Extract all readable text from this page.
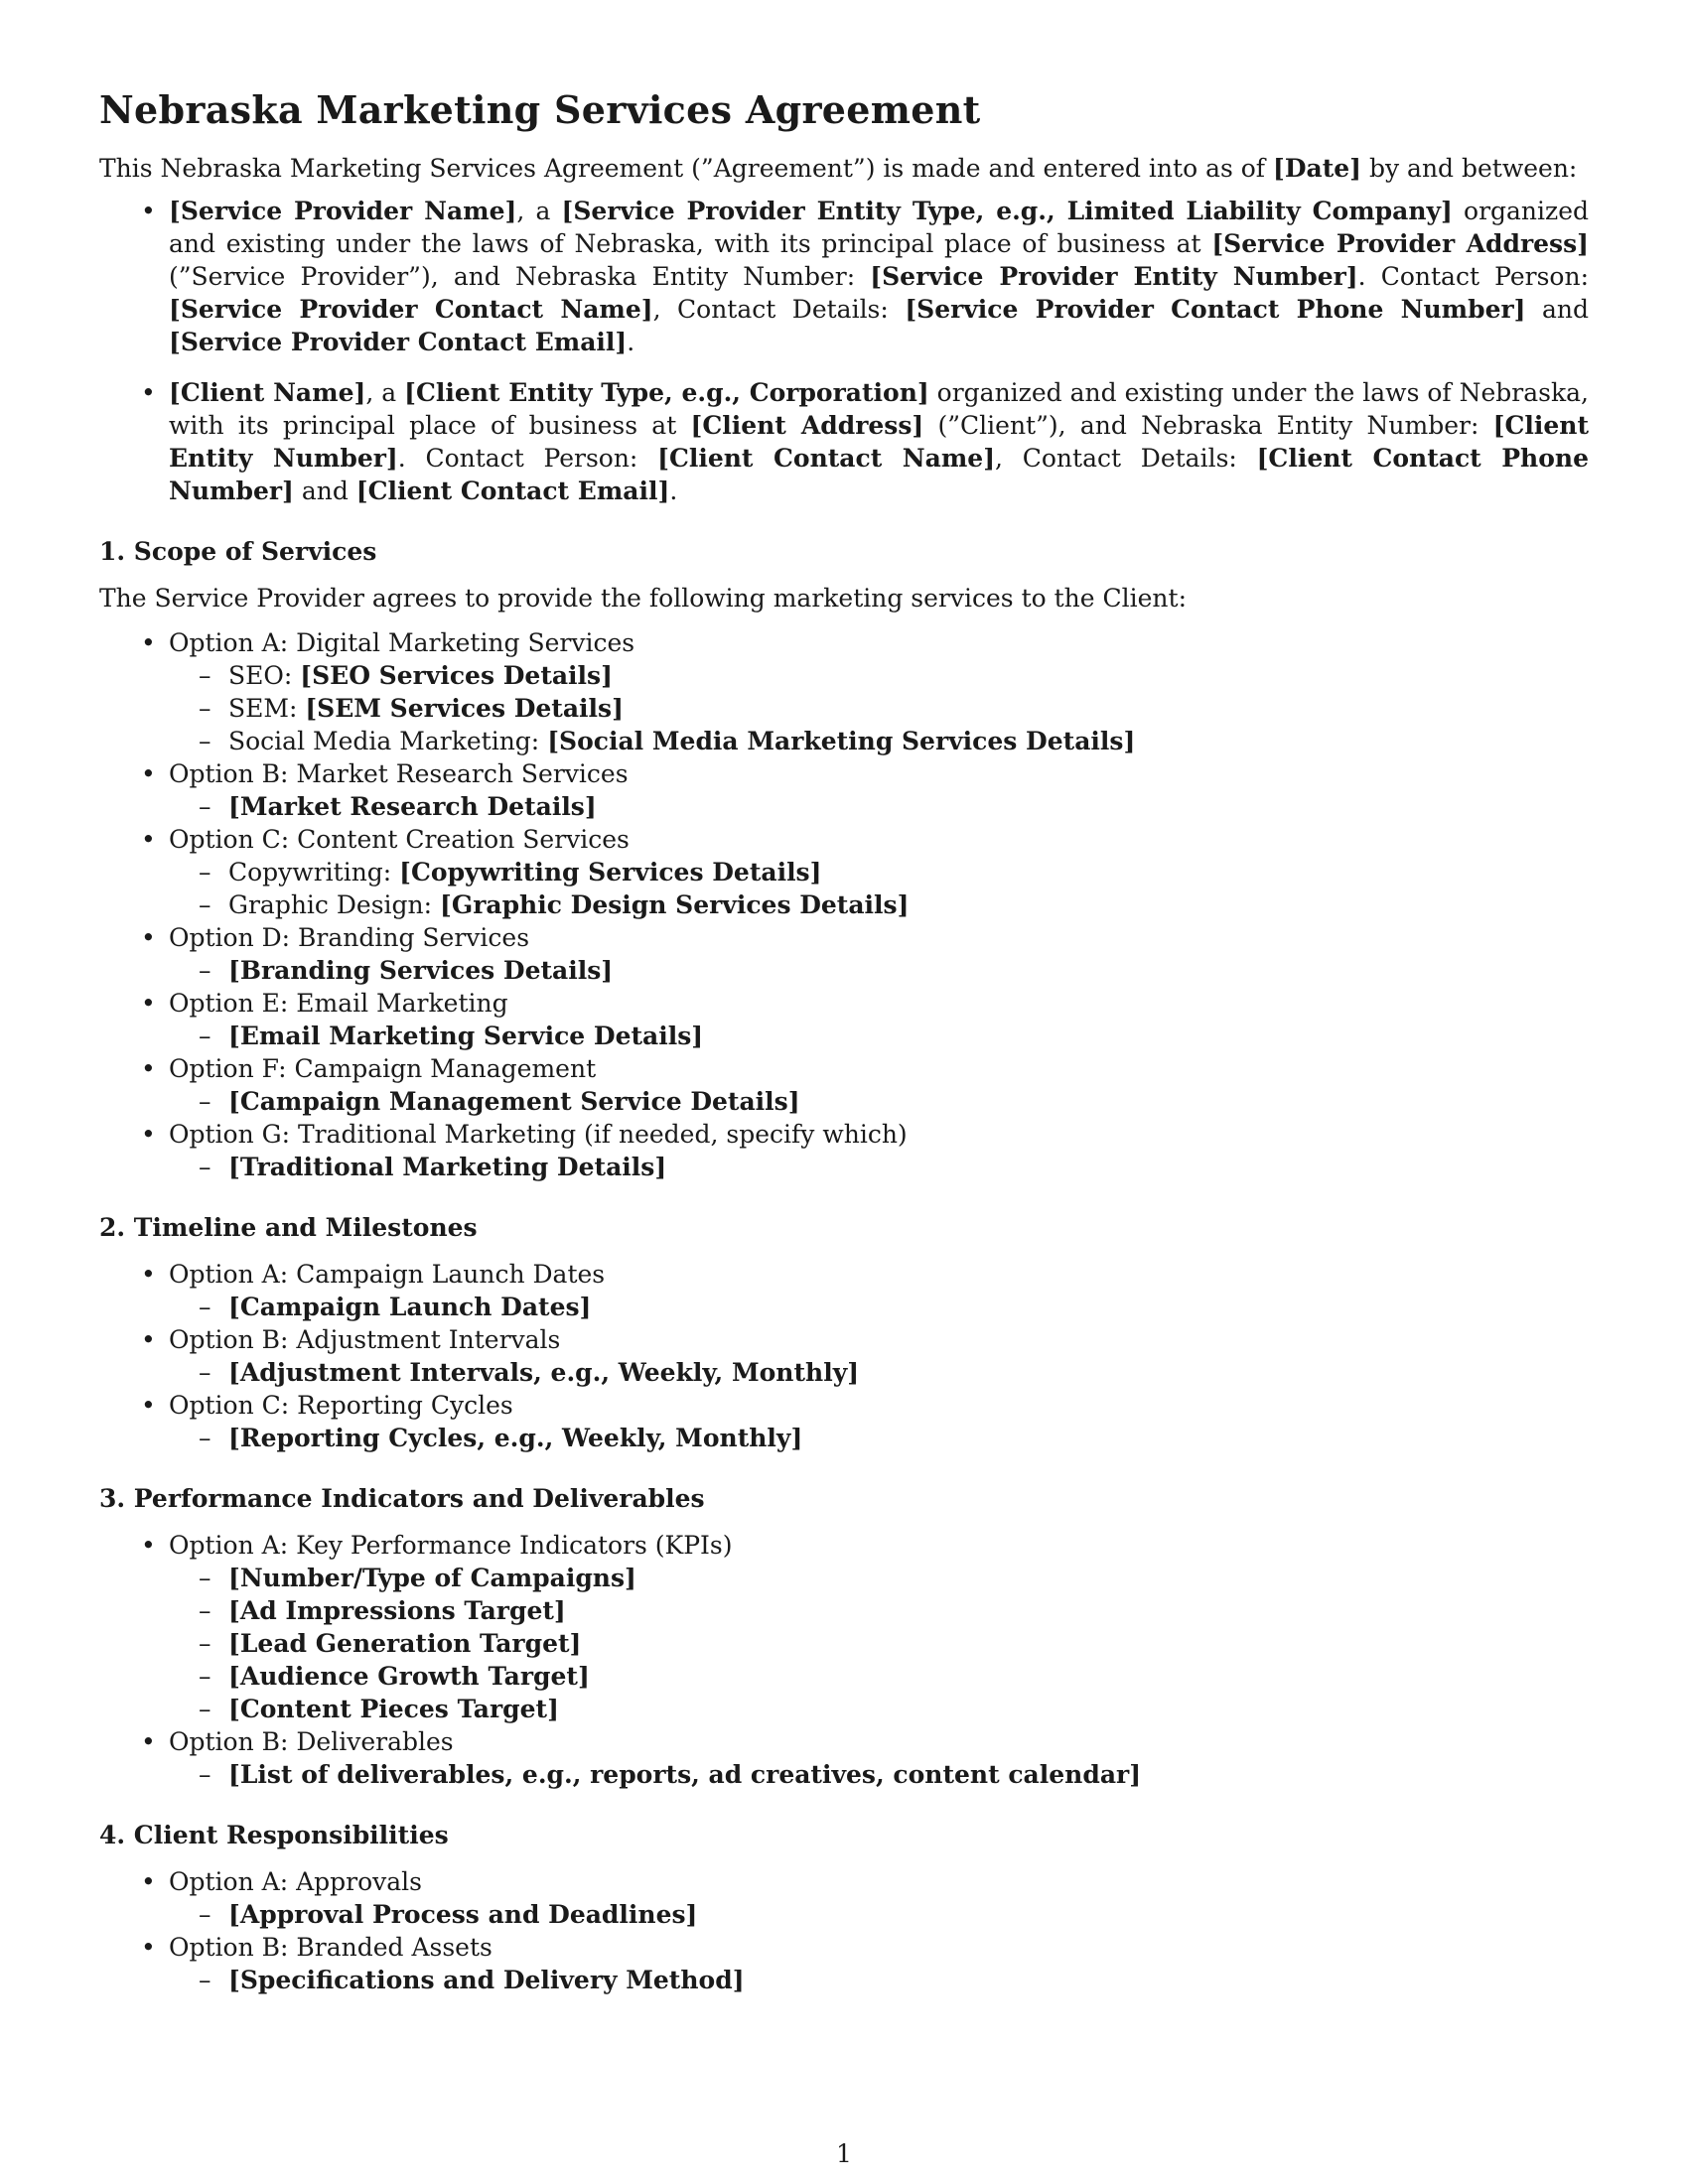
Nebraska Marketing Services Agreement

This Nebraska Marketing Services Agreement (”Agreement”) is made and entered into as of [Date] by and between:

• [Service Provider Name], a [Service Provider Entity Type, e.g., Limited Liability Company] organized and existing under the laws of Nebraska, with its principal place of business at [Service Provider Address] (”Service Provider”), and Nebraska Entity Number: [Service Provider Entity Number]. Contact Person: [Service Provider Contact Name], Contact Details: [Service Provider Contact Phone Number] and [Service Provider Contact Email].
• [Client Name], a [Client Entity Type, e.g., Corporation] organized and existing under the laws of Nebraska, with its principal place of business at [Client Address] (”Client”), and Nebraska Entity Number: [Client Entity Number]. Contact Person: [Client Contact Name], Contact Details: [Client Contact Phone Number] and [Client Contact Email].
1. Scope of Services

The Service Provider agrees to provide the following marketing services to the Client:

• Option A: Digital Marketing Services
– SEO: [SEO Services Details]
– SEM: [SEM Services Details]
– Social Media Marketing: [Social Media Marketing Services Details]
• Option B: Market Research Services
– [Market Research Details]
• Option C: Content Creation Services
– Copywriting: [Copywriting Services Details]
– Graphic Design: [Graphic Design Services Details]
• Option D: Branding Services
– [Branding Services Details]
• Option E: Email Marketing
– [Email Marketing Service Details]
• Option F: Campaign Management
– [Campaign Management Service Details]
• Option G: Traditional Marketing (if needed, specify which)
– [Traditional Marketing Details]
2. Timeline and Milestones
• Option A: Campaign Launch Dates
– [Campaign Launch Dates]
• Option B: Adjustment Intervals
– [Adjustment Intervals, e.g., Weekly, Monthly]
• Option C: Reporting Cycles
– [Reporting Cycles, e.g., Weekly, Monthly]
3. Performance Indicators and Deliverables
• Option A: Key Performance Indicators (KPIs)
– [Number/Type of Campaigns]
– [Ad Impressions Target]
– [Lead Generation Target]
– [Audience Growth Target]
– [Content Pieces Target]
• Option B: Deliverables
– [List of deliverables, e.g., reports, ad creatives, content calendar]
4. Client Responsibilities
• Option A: Approvals
– [Approval Process and Deadlines]
• Option B: Branded Assets
– [Specifications and Delivery Method]
1
